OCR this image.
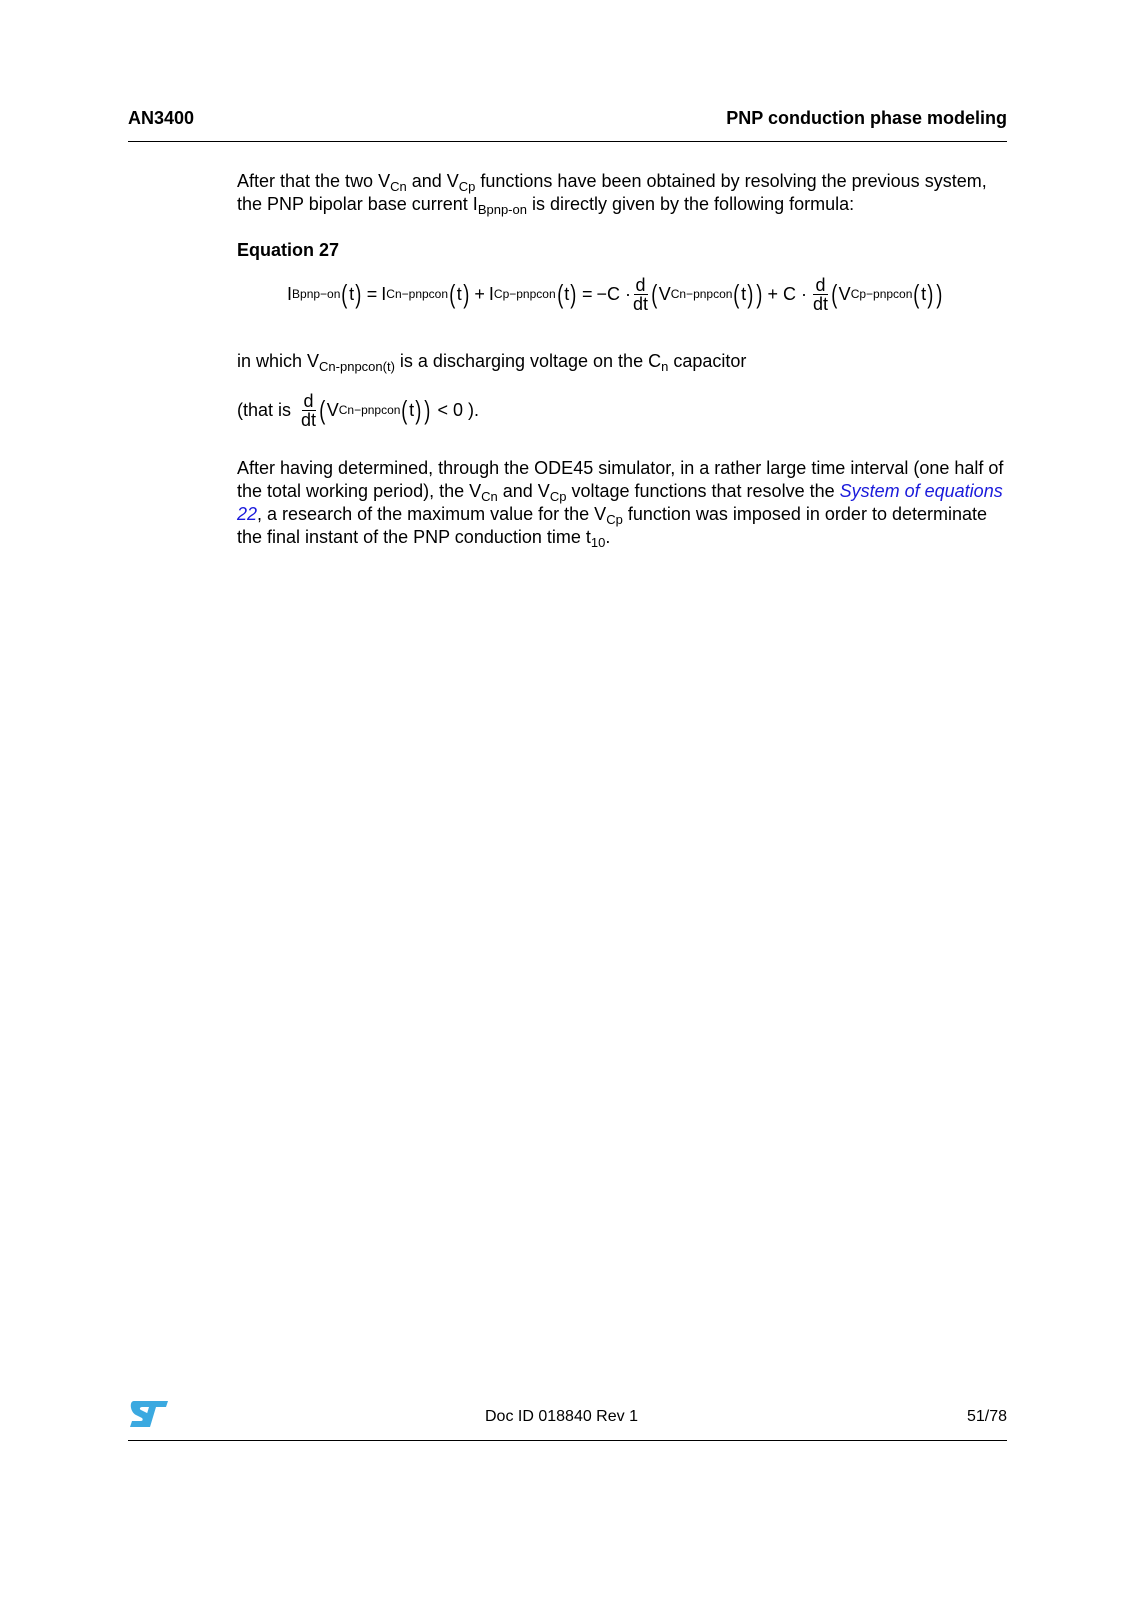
AN3400	PNP conduction phase modeling
After that the two $V_{Cn}$ and $V_{Cp}$ functions have been obtained by resolving the previous system, the PNP bipolar base current $I_{Bpnp-on}$ is directly given by the following formula:
Equation 27
I Bpnp−on ( t ) = I Cn−pnpcon ( t ) + I Cp−pnpcon ( t ) = $-C \cdot \frac{d}{dt}$ ( V Cn−pnpcon ( t ) ) + $C \cdot \frac{d}{dt}$ ( V Cp−pnpcon ( t ) )
in which $V_{Cn-pnpcon(t)}$ is a discharging voltage on the $C_n$ capacitor
(that is $\frac{d}{dt}$ ( V Cn−pnpcon ( t ) ) < 0 ).
After having determined, through the ODE45 simulator, in a rather large time interval (one half of the total working period), the $V_{Cn}$ and $V_{Cp}$ voltage functions that resolve the System of equations 22, a research of the maximum value for the $V_{Cp}$ function was imposed in order to determinate the final instant of the PNP conduction time $t_{10}$.
Doc ID 018840 Rev 1	51/78
